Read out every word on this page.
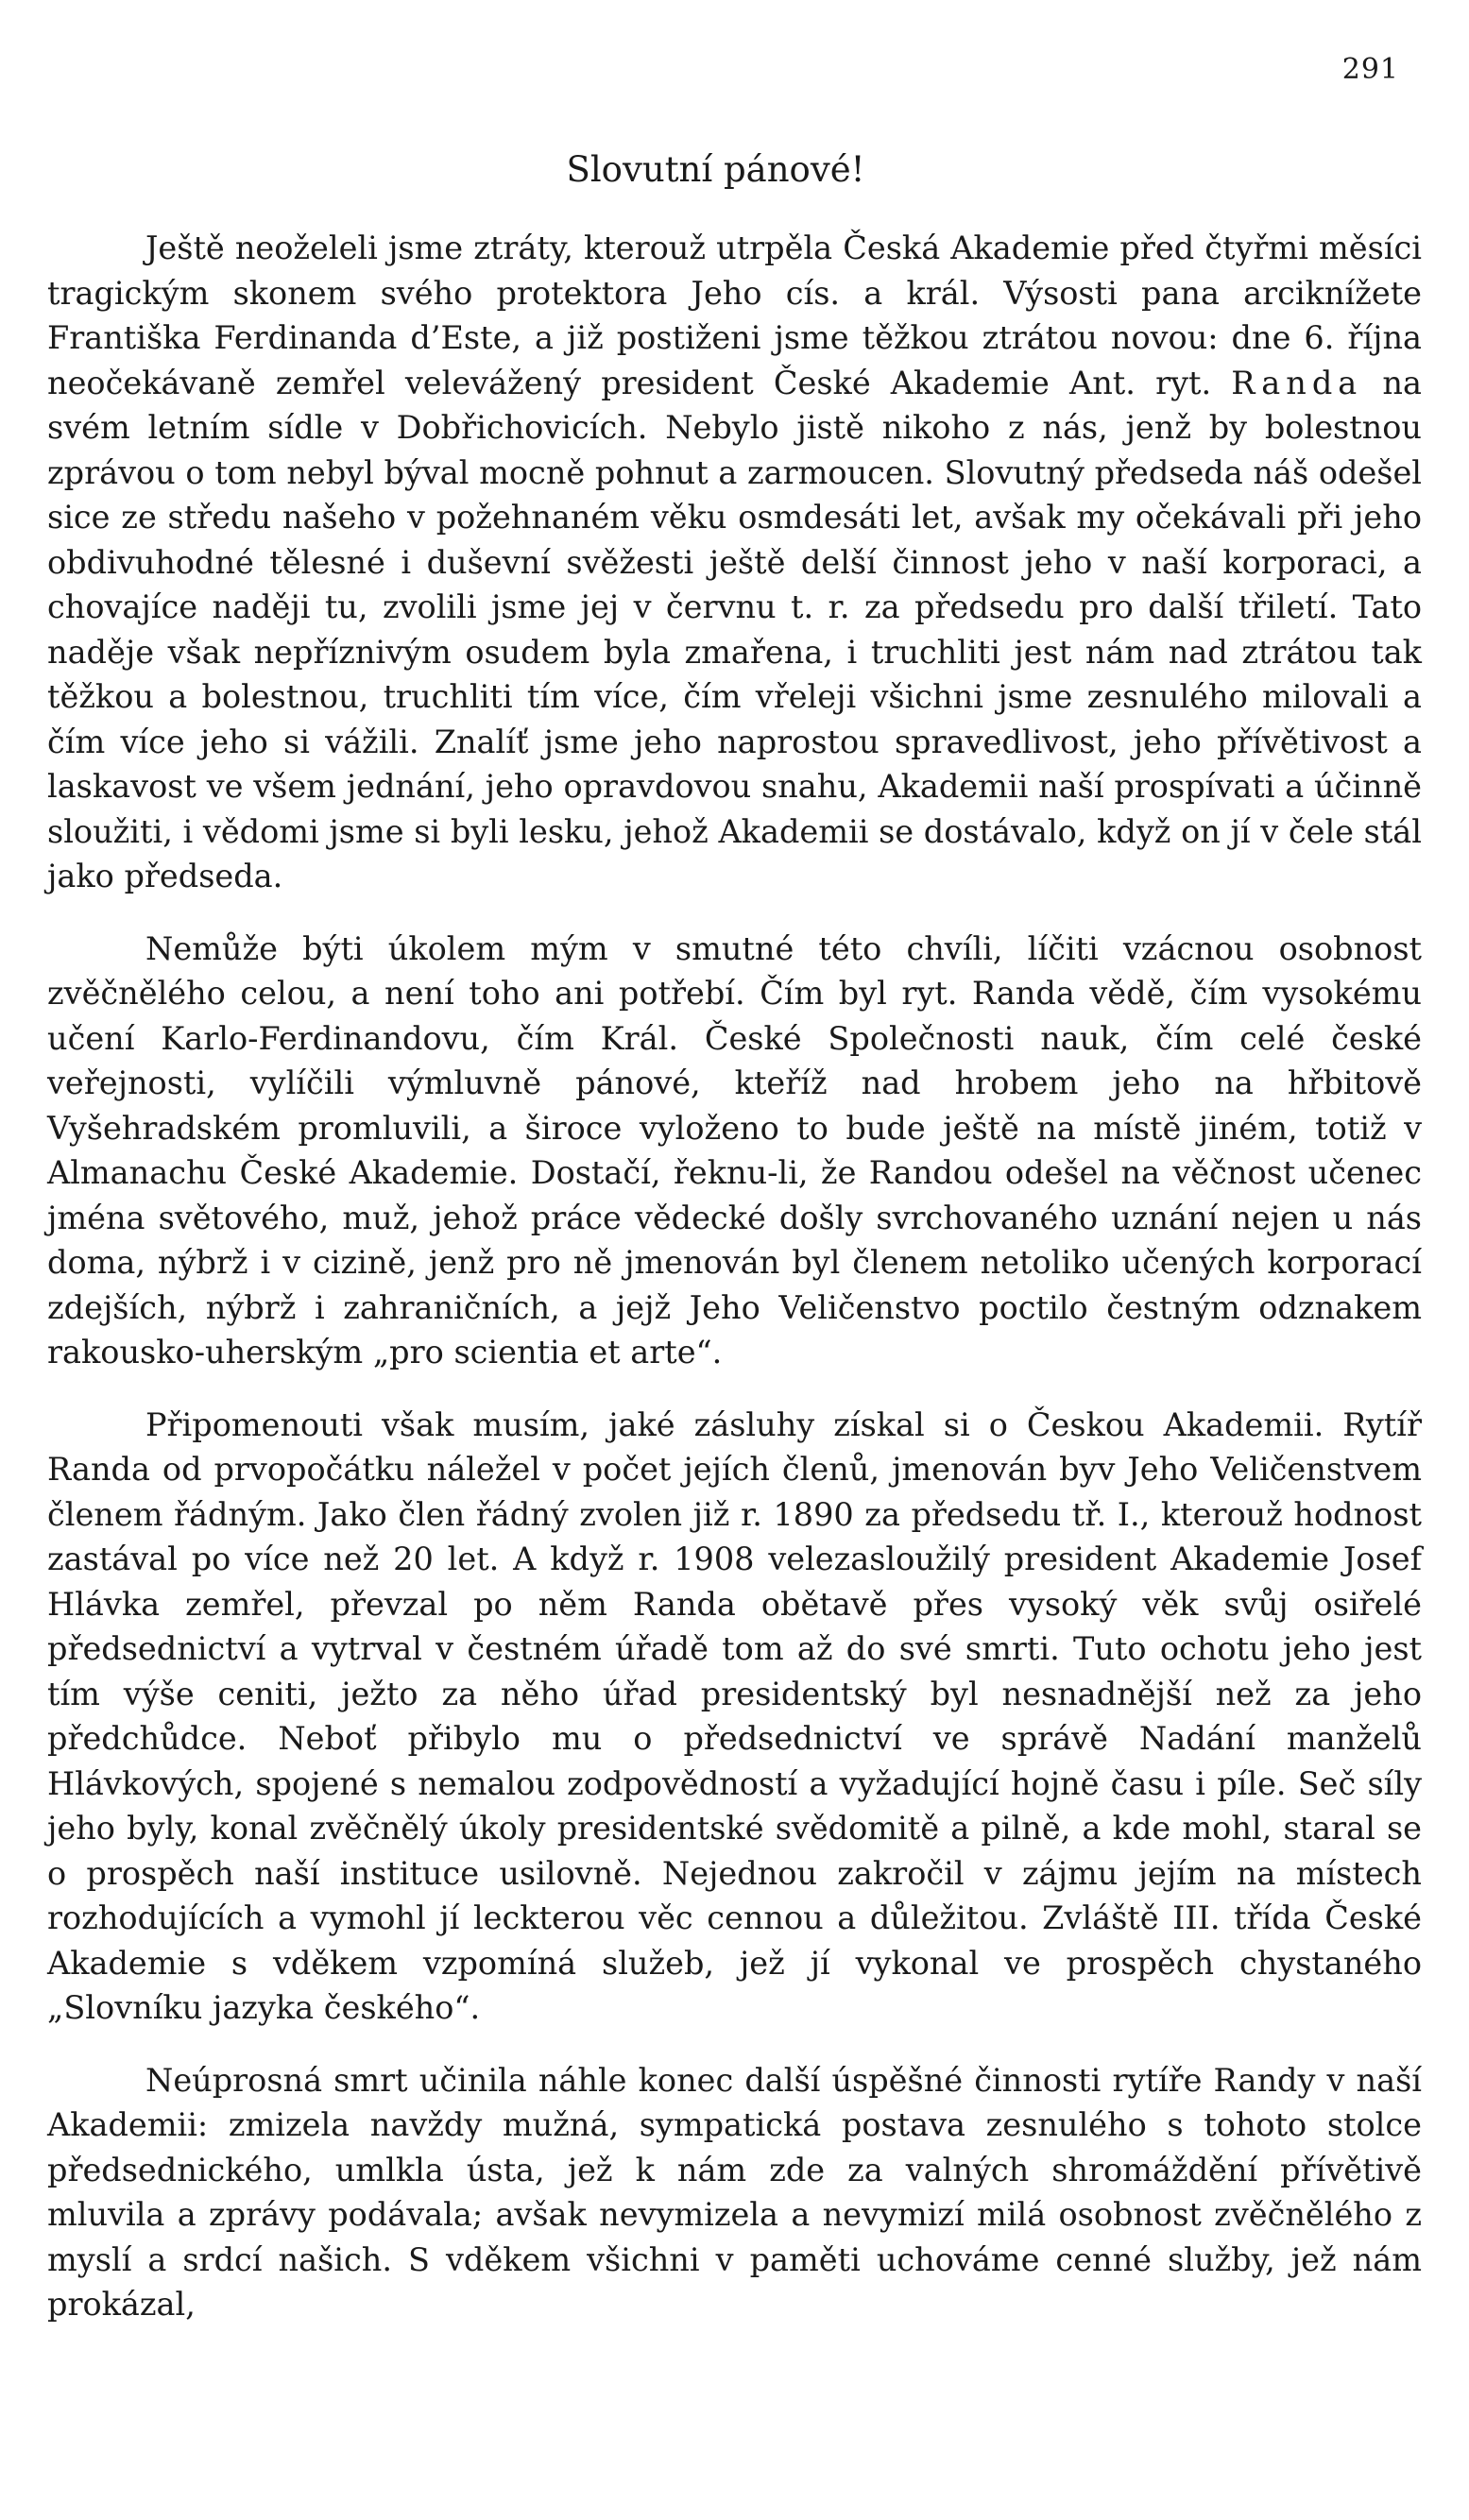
291
Slovutní pánové!

Ještě neoželeli jsme ztráty, kterouž utrpěla Česká Akademie před čtyřmi měsíci tragickým skonem svého protektora Jeho cís. a král. Výsosti pana arciknížete Františka Ferdinanda d’Este, a již postiženi jsme těžkou ztrátou novou: dne 6. října neočekávaně zemřel velevážený president České Akademie Ant. ryt. Randa na svém letním sídle v Dobřichovicích. Nebylo jistě nikoho z nás, jenž by bolestnou zprávou o tom nebyl býval mocně pohnut a zarmoucen. Slovutný předseda náš odešel sice ze středu našeho v požehnaném věku osmdesáti let, avšak my očekávali při jeho obdivuhodné tělesné i duševní svěžesti ještě delší činnost jeho v naší korporaci, a chovajíce naději tu, zvolili jsme jej v červnu t. r. za předsedu pro další třiletí. Tato naděje však nepříznivým osudem byla zmařena, i truchliti jest nám nad ztrátou tak těžkou a bolestnou, truchliti tím více, čím vřeleji všichni jsme zesnulého milovali a čím více jeho si vážili. Znalíť jsme jeho naprostou spravedlivost, jeho přívětivost a laskavost ve všem jednání, jeho opravdovou snahu, Akademii naší prospívati a účinně sloužiti, i vědomi jsme si byli lesku, jehož Akademii se dostávalo, když on jí v čele stál jako předseda.

Nemůže býti úkolem mým v smutné této chvíli, líčiti vzácnou osobnost zvěčnělého celou, a není toho ani potřebí. Čím byl ryt. Randa vědě, čím vysokému učení Karlo-Ferdinandovu, čím Král. České Společnosti nauk, čím celé české veřejnosti, vylíčili výmluvně pánové, kteříž nad hrobem jeho na hřbitově Vyšehradském promluvili, a široce vyloženo to bude ještě na místě jiném, totiž v Almanachu České Akademie. Dostačí, řeknu-li, že Randou odešel na věčnost učenec jména světového, muž, jehož práce vědecké došly svrchovaného uznání nejen u nás doma, nýbrž i v cizině, jenž pro ně jmenován byl členem netoliko učených korporací zdejších, nýbrž i zahraničních, a jejž Jeho Veličenstvo poctilo čestným odznakem rakousko-uherským „pro scientia et arte“.

Připomenouti však musím, jaké zásluhy získal si o Českou Akademii. Rytíř Randa od prvopočátku náležel v počet jejích členů, jmenován byv Jeho Veličenstvem členem řádným. Jako člen řádný zvolen již r. 1890 za předsedu tř. I., kterouž hodnost zastával po více než 20 let. A když r. 1908 velezasloužilý president Akademie Josef Hlávka zemřel, převzal po něm Randa obětavě přes vysoký věk svůj osiřelé předsednictví a vytrval v čestném úřadě tom až do své smrti. Tuto ochotu jeho jest tím výše ceniti, ježto za něho úřad presidentský byl nesnadnější než za jeho předchůdce. Neboť přibylo mu o předsednictví ve správě Nadání manželů Hlávkových, spojené s nemalou zodpovědností a vyžadující hojně času i píle. Seč síly jeho byly, konal zvěčnělý úkoly presidentské svědomitě a pilně, a kde mohl, staral se o prospěch naší instituce usilovně. Nejednou zakročil v zájmu jejím na místech rozhodujících a vymohl jí leckterou věc cennou a důležitou. Zvláště III. třída České Akademie s vděkem vzpomíná služeb, jež jí vykonal ve prospěch chystaného „Slovníku jazyka českého“.

Neúprosná smrt učinila náhle konec další úspěšné činnosti rytíře Randy v naší Akademii: zmizela navždy mužná, sympatická postava zesnulého s tohoto stolce předsednického, umlkla ústa, jež k nám zde za valných shromáždění přívětivě mluvila a zprávy podávala; avšak nevymizela a nevymizí milá osobnost zvěčnělého z myslí a srdcí našich. S vděkem všichni v paměti uchováme cenné služby, jež nám prokázal,
